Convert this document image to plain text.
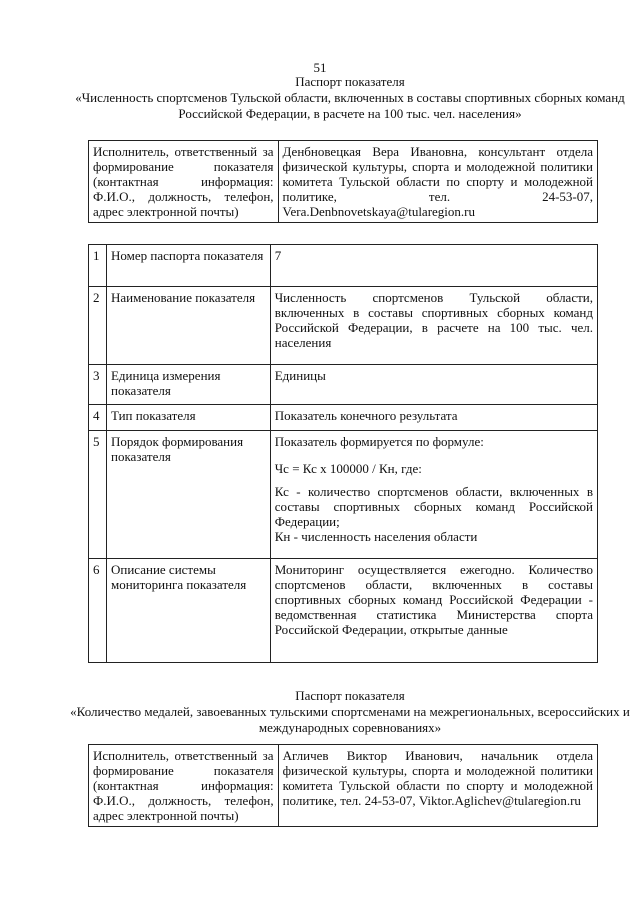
51

Паспорт показателя

«Численность спортсменов Тульской области, включенных в составы спортивных сборных команд Российской Федерации, в расчете на 100 тыс. чел. населения»

Исполнитель, ответственный за формирование показателя (контактная информация: Ф.И.О., должность, телефон, адрес электронной почты)	Денбновецкая Вера Ивановна, консультант отдела физической культуры, спорта и молодежной политики комитета Тульской области по спорту и молодежной политике, тел. 24-53-07, Vera.Denbnovetskaya@tularegion.ru
1	Номер паспорта показателя	7
2	Наименование показателя	Численность спортсменов Тульской области, включенных в составы спортивных сборных команд Российской Федерации, в расчете на 100 тыс. чел. населения
3	Единица измерения показателя	Единицы
4	Тип показателя	Показатель конечного результата
5	Порядок формирования показателя	Показатель формируется по формуле:

Чс = Кс x 100000 / Кн, где:

Кс - количество спортсменов области, включенных в составы спортивных сборных команд Российской Федерации;

Кн - численность населения области

6	Описание системы мониторинга показателя	Мониторинг осуществляется ежегодно. Количество спортсменов области, включенных в составы спортивных сборных команд Российской Федерации - ведомственная статистика Министерства спорта Российской Федерации, открытые данные

Паспорт показателя

«Количество медалей, завоеванных тульскими спортсменами на межрегиональных, всероссийских и международных соревнованиях»

Исполнитель, ответственный за формирование показателя (контактная информация: Ф.И.О., должность, телефон, адрес электронной почты)	Агличев Виктор Иванович, начальник отдела физической культуры, спорта и молодежной политики комитета Тульской области по спорту и молодежной политике, тел. 24-53-07, Viktor.Aglichev@tularegion.ru
